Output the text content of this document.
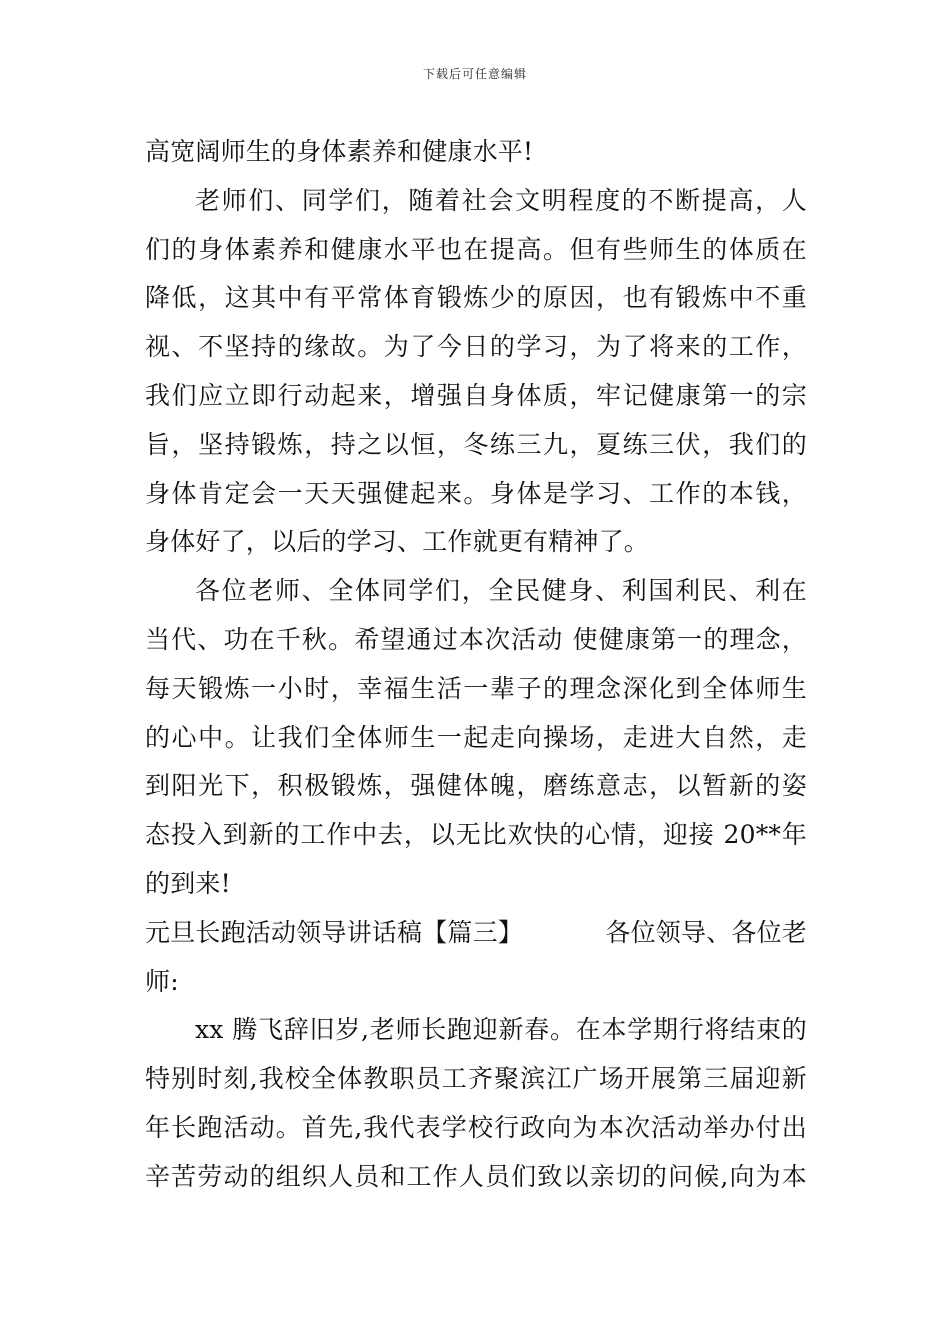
下载后可任意编辑
高宽阔师生的身体素养和健康水平!
老师们、同学们，随着社会文明程度的不断提高，人
们的身体素养和健康水平也在提高。但有些师生的体质在
降低，这其中有平常体育锻炼少的原因，也有锻炼中不重
视、不坚持的缘故。为了今日的学习，为了将来的工作，
我们应立即行动起来，增强自身体质，牢记健康第一的宗
旨，坚持锻炼，持之以恒，冬练三九，夏练三伏，我们的
身体肯定会一天天强健起来。身体是学习、工作的本钱，
身体好了，以后的学习、工作就更有精神了。
各位老师、全体同学们，全民健身、利国利民、利在
当代、功在千秋。希望通过本次活动 使健康第一的理念，
每天锻炼一小时，幸福生活一辈子的理念深化到全体师生
的心中。让我们全体师生一起走向操场，走进大自然，走
到阳光下，积极锻炼，强健体魄，磨练意志，以暂新的姿
态投入到新的工作中去，以无比欢快的心情，迎接 20**年
的到来!
元旦长跑活动领导讲话稿【篇三】	各位领导、各位老
师:
xx 腾飞辞旧岁,老师长跑迎新春。在本学期行将结束的
特别时刻,我校全体教职员工齐聚滨江广场开展第三届迎新
年长跑活动。首先,我代表学校行政向为本次活动举办付出
辛苦劳动的组织人员和工作人员们致以亲切的问候,向为本
